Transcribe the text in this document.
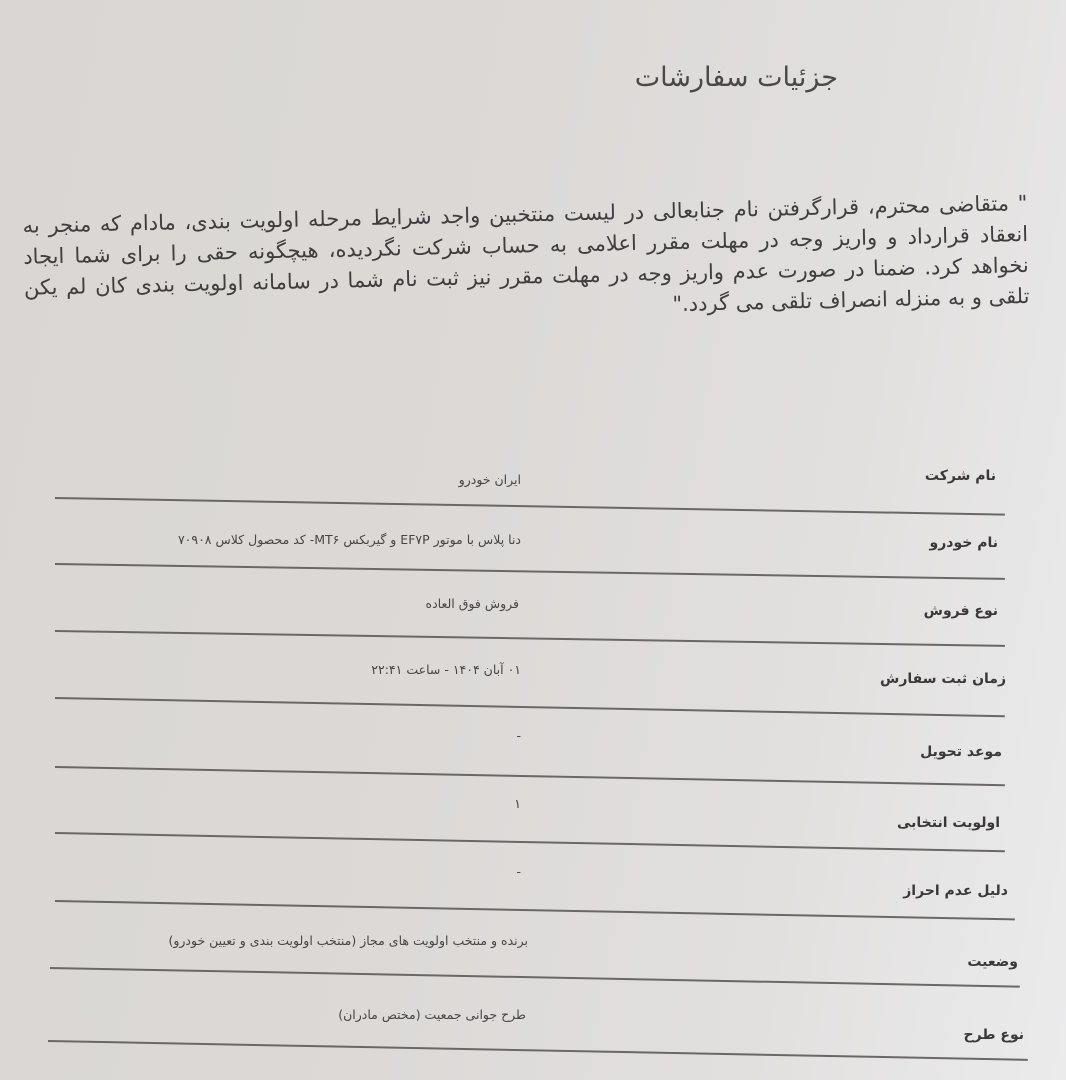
جزئیات سفارشات
" متقاضی محترم، قرارگرفتن نام جنابعالی در لیست منتخبین واجد شرایط مرحله اولویت بندی، مادام که منجر به انعقاد قرارداد و واریز وجه در مهلت مقرر اعلامی به حساب شرکت نگردیده، هیچگونه حقی را برای شما ایجاد نخواهد کرد. ضمنا در صورت عدم واریز وجه در مهلت مقرر نیز ثبت نام شما در سامانه اولویت بندی کان لم یکن تلقی و به منزله انصراف تلقی می گردد."
نام شرکت
ایران خودرو
نام خودرو
دنا پلاس با موتور EF۷P و گیربکس MT۶- کد محصول کلاس ۷۰۹۰۸
نوع فروش
فروش فوق العاده
زمان ثبت سفارش
۰۱ آبان ۱۴۰۴ - ساعت ۲۲:۴۱
موعد تحویل
-
اولویت انتخابی
۱
دلیل عدم احراز
-
وضعیت
برنده و منتخب اولویت های مجاز (منتخب اولویت بندی و تعیین خودرو)
نوع طرح
طرح جوانی جمعیت (مختص مادران)
